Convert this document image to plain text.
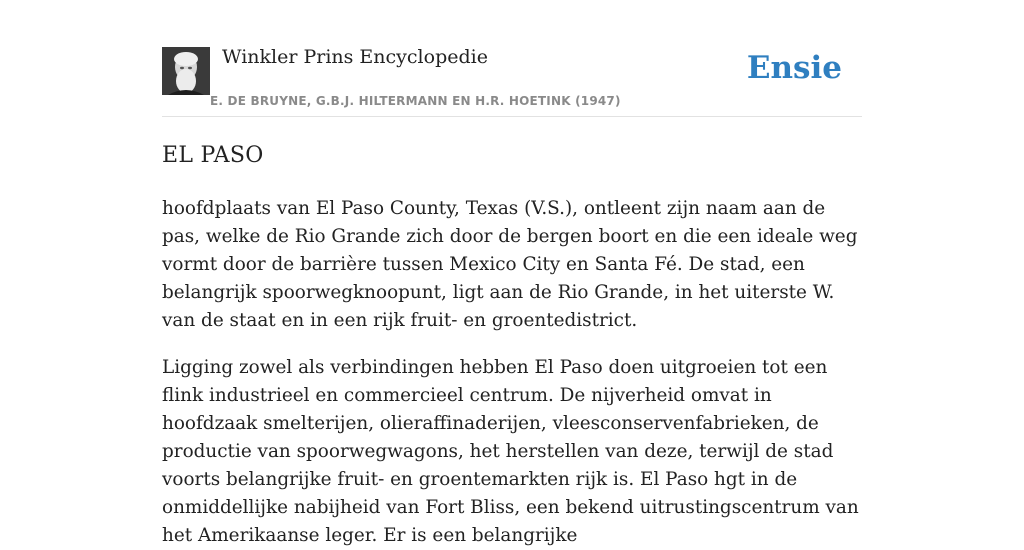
Winkler Prins Encyclopedie
E. DE BRUYNE, G.B.J. HILTERMANN EN H.R. HOETINK (1947)
Ensie
EL PASO

hoofdplaats van El Paso County, Texas (V.S.), ontleent zijn naam aan de pas, welke de Rio Grande zich door de bergen boort en die een ideale weg vormt door de barrière tussen Mexico City en Santa Fé. De stad, een belangrijk spoorwegknoopunt, ligt aan de Rio Grande, in het uiterste W. van de staat en in een rijk fruit- en groentedistrict.

Ligging zowel als verbindingen hebben El Paso doen uitgroeien tot een flink industrieel en commercieel centrum. De nijverheid omvat in hoofdzaak smelterijen, olieraffinaderijen, vleesconservenfabrieken, de productie van spoorwegwagons, het herstellen van deze, terwijl de stad voorts belangrijke fruit- en groentemarkten rijk is. El Paso hgt in de onmiddellijke nabijheid van Fort Bliss, een bekend uitrustingscentrum van het Amerikaanse leger. Er is een belangrijke
